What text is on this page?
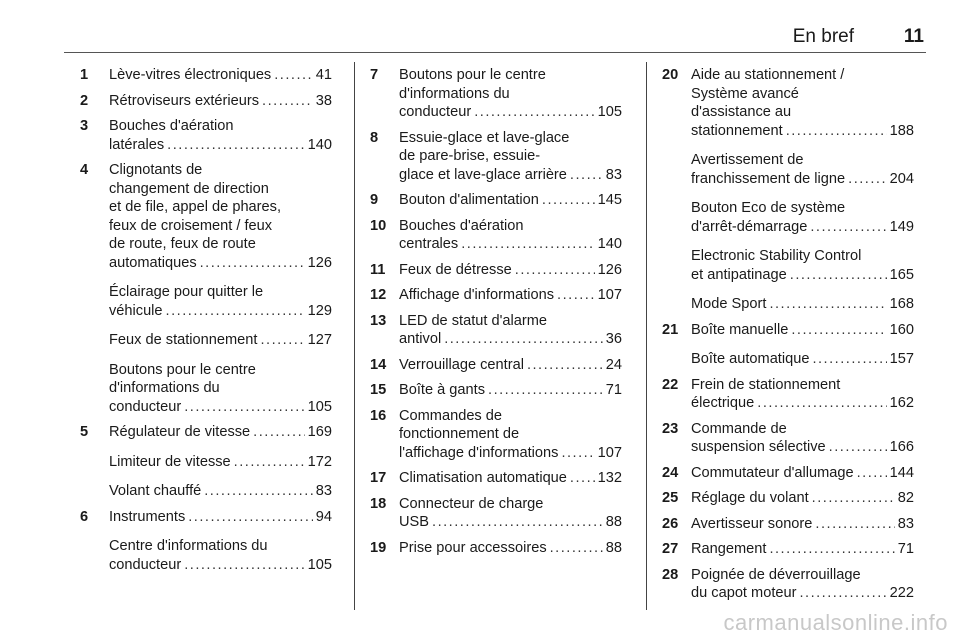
En bref	11
1 Lève-vitres électroniques .....	41
2 Rétroviseurs extérieurs .....	38
3 Bouches d'aération
latérales .....	140
4 Clignotants de
changement de direction
et de file, appel de phares,
feux de croisement / feux
de route, feux de route
automatiques .....	126
Éclairage pour quitter le
véhicule .....	129
Feux de stationnement .....	127
Boutons pour le centre
d'informations du
conducteur .....	105
5 Régulateur de vitesse .....	169
Limiteur de vitesse .....	172
Volant chauffé .....	83
6 Instruments .....	94
Centre d'informations du
conducteur .....	105
7 Boutons pour le centre
d'informations du
conducteur .....	105
8 Essuie-glace et lave-glace
de pare-brise, essuie-
glace et lave-glace arrière .....	83
9 Bouton d'alimentation .....	145
10 Bouches d'aération
centrales .....	140
11 Feux de détresse .....	126
12 Affichage d'informations .....	107
13 LED de statut d'alarme
antivol .....	36
14 Verrouillage central .....	24
15 Boîte à gants .....	71
16 Commandes de
fonctionnement de
l'affichage d'informations .....	107
17 Climatisation automatique ..... 132
18 Connecteur de charge
USB .....	88
19 Prise pour accessoires .....	88
20 Aide au stationnement /
Système avancé
d'assistance au
stationnement .....	188
Avertissement de
franchissement de ligne .....	204
Bouton Eco de système
d'arrêt-démarrage .....	149
Electronic Stability Control
et antipatinage .....	165
Mode Sport .....	168
21 Boîte manuelle .....	160
Boîte automatique .....	157
22 Frein de stationnement
électrique .....	162
23 Commande de
suspension sélective .....	166
24 Commutateur d'allumage ..... 144
25 Réglage du volant .....	82
26 Avertisseur sonore .....	83
27 Rangement .....	71
28 Poignée de déverrouillage
du capot moteur .....	222
carmanualsonline.info
